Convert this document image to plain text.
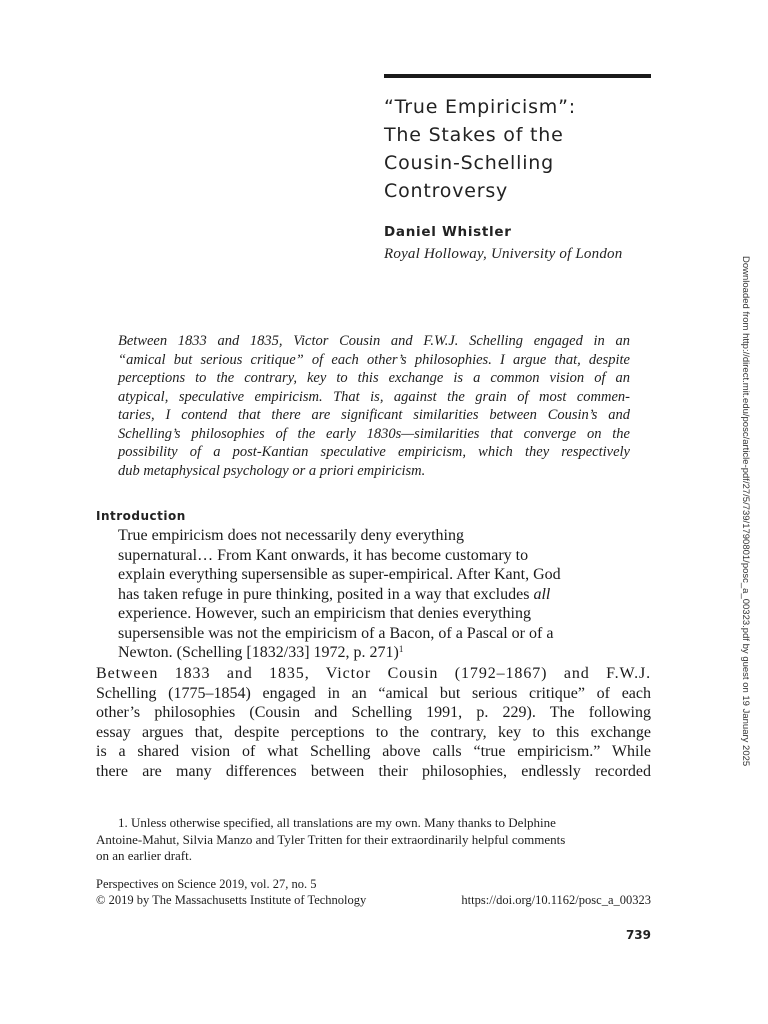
“True Empiricism”:
The Stakes of the
Cousin-Schelling
Controversy
Daniel Whistler
Royal Holloway, University of London
Between 1833 and 1835, Victor Cousin and F.W.J. Schelling engaged in an
“amical but serious critique” of each other’s philosophies. I argue that, despite
perceptions to the contrary, key to this exchange is a common vision of an
atypical, speculative empiricism. That is, against the grain of most commen-
taries, I contend that there are significant similarities between Cousin’s and
Schelling’s philosophies of the early 1830s—similarities that converge on the
possibility of a post-Kantian speculative empiricism, which they respectively
dub metaphysical psychology or a priori empiricism.
Introduction
True empiricism does not necessarily deny everything
supernatural… From Kant onwards, it has become customary to
explain everything supersensible as super-empirical. After Kant, God
has taken refuge in pure thinking, posited in a way that excludes all
experience. However, such an empiricism that denies everything
supersensible was not the empiricism of a Bacon, of a Pascal or of a
Newton. (Schelling [1832/33] 1972, p. 271)$^1$
Between 1833 and 1835, Victor Cousin (1792–1867) and F.W.J.
Schelling (1775–1854) engaged in an “amical but serious critique” of each
other’s philosophies (Cousin and Schelling 1991, p. 229). The following
essay argues that, despite perceptions to the contrary, key to this exchange
is a shared vision of what Schelling above calls “true empiricism.” While
there are many differences between their philosophies, endlessly recorded
1. Unless otherwise specified, all translations are my own. Many thanks to Delphine
Antoine-Mahut, Silvia Manzo and Tyler Tritten for their extraordinarily helpful comments
on an earlier draft.
Perspectives on Science 2019, vol. 27, no. 5
© 2019 by The Massachusetts Institute of Technology	https://doi.org/10.1162/posc_a_00323
739
Downloaded from http://direct.mit.edu/posc/article-pdf/27/5/739/1790801/posc_a_00323.pdf by guest on 19 January 2025
